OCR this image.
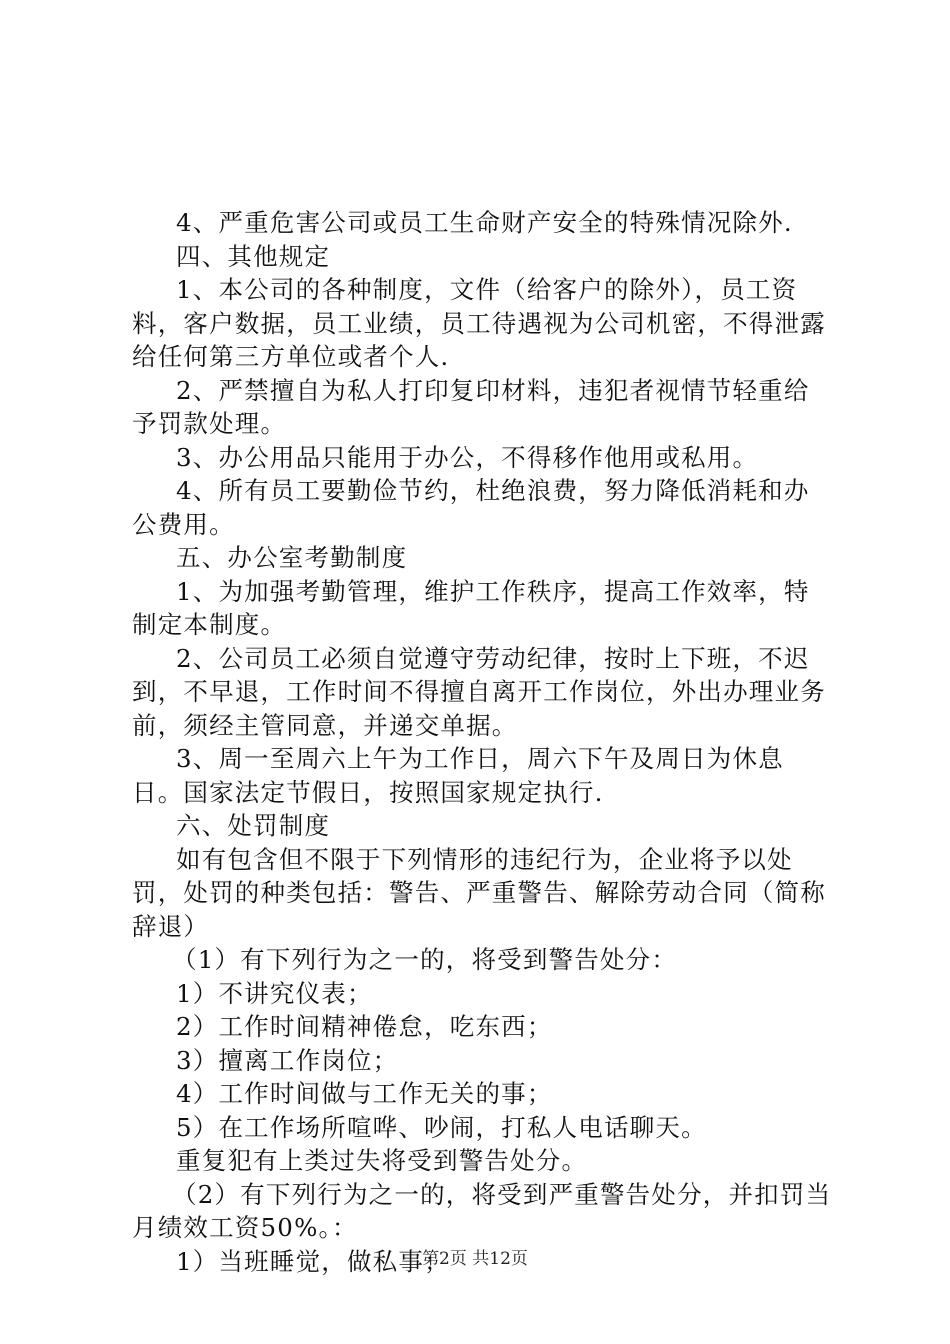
4、严重危害公司或员工生命财产安全的特殊情况除外.

四、其他规定

1、本公司的各种制度，文件（给客户的除外），员工资料，客户数据，员工业绩，员工待遇视为公司机密，不得泄露给任何第三方单位或者个人.

2、严禁擅自为私人打印复印材料，违犯者视情节轻重给予罚款处理。

3、办公用品只能用于办公，不得移作他用或私用。

4、所有员工要勤俭节约，杜绝浪费，努力降低消耗和办公费用。

五、办公室考勤制度

1、为加强考勤管理，维护工作秩序，提高工作效率，特制定本制度。

2、公司员工必须自觉遵守劳动纪律，按时上下班，不迟到，不早退，工作时间不得擅自离开工作岗位，外出办理业务前，须经主管同意，并递交单据。

3、周一至周六上午为工作日，周六下午及周日为休息日。国家法定节假日，按照国家规定执行.

六、处罚制度

如有包含但不限于下列情形的违纪行为，企业将予以处罚，处罚的种类包括：警告、严重警告、解除劳动合同（简称辞退）

（1）有下列行为之一的，将受到警告处分：

1）不讲究仪表；

2）工作时间精神倦怠，吃东西；

3）擅离工作岗位；

4）工作时间做与工作无关的事；

5）在工作场所喧哗、吵闹，打私人电话聊天。

重复犯有上类过失将受到警告处分。

（2）有下列行为之一的，将受到严重警告处分，并扣罚当月绩效工资50%。：

1）当班睡觉，做私事；

第2页 共12页
